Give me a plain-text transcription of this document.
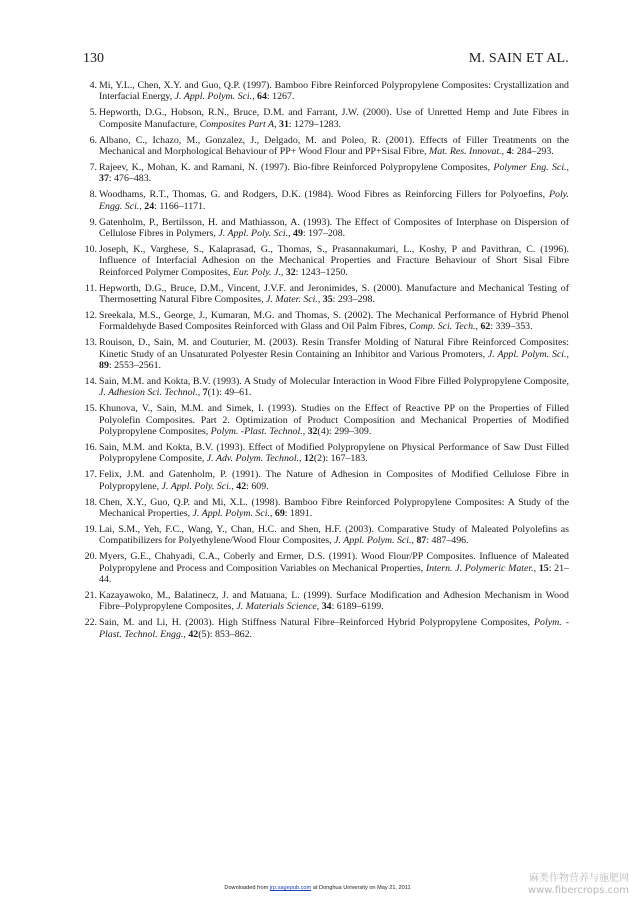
130	M. SAIN ET AL.
4. Mi, Y.L., Chen, X.Y. and Guo, Q.P. (1997). Bamboo Fibre Reinforced Polypropylene Composites: Crystallization and Interfacial Energy, J. Appl. Polym. Sci., 64: 1267.
5. Hepworth, D.G., Hobson, R.N., Bruce, D.M. and Farrant, J.W. (2000). Use of Unretted Hemp and Jute Fibres in Composite Manufacture, Composites Part A, 31: 1279–1283.
6. Albano, C., Ichazo, M., Gonzalez, J., Delgado, M. and Poleo, R. (2001). Effects of Filler Treatments on the Mechanical and Morphological Behaviour of PP+ Wood Flour and PP+Sisal Fibre, Mat. Res. Innovat., 4: 284–293.
7. Rajeev, K., Mohan, K. and Ramani, N. (1997). Bio-fibre Reinforced Polypropylene Composites, Polymer Eng. Sci., 37: 476–483.
8. Woodhams, R.T., Thomas, G. and Rodgers, D.K. (1984). Wood Fibres as Reinforcing Fillers for Polyoefins, Poly. Engg. Sci., 24: 1166–1171.
9. Gatenholm, P., Bertilsson, H. and Mathiasson, A. (1993). The Effect of Composites of Interphase on Dispersion of Cellulose Fibres in Polymers, J. Appl. Poly. Sci., 49: 197–208.
10. Joseph, K., Varghese, S., Kalaprasad, G., Thomas, S., Prasannakumari, L., Koshy, P and Pavithran, C. (1996). Influence of Interfacial Adhesion on the Mechanical Properties and Fracture Behaviour of Short Sisal Fibre Reinforced Polymer Composites, Eur. Poly. J., 32: 1243–1250.
11. Hepworth, D.G., Bruce, D.M., Vincent, J.V.F. and Jeronimides, S. (2000). Manufacture and Mechanical Testing of Thermosetting Natural Fibre Composites, J. Mater. Sci., 35: 293–298.
12. Sreekala, M.S., George, J., Kumaran, M.G. and Thomas, S. (2002). The Mechanical Performance of Hybrid Phenol Formaldehyde Based Composites Reinforced with Glass and Oil Palm Fibres, Comp. Sci. Tech., 62: 339–353.
13. Rouison, D., Sain, M. and Couturier, M. (2003). Resin Transfer Molding of Natural Fibre Reinforced Composites: Kinetic Study of an Unsaturated Polyester Resin Containing an Inhibitor and Various Promoters, J. Appl. Polym. Sci., 89: 2553–2561.
14. Sain, M.M. and Kokta, B.V. (1993). A Study of Molecular Interaction in Wood Fibre Filled Polypropylene Composite, J. Adhesion Sci. Technol., 7(1): 49–61.
15. Khunova, V., Sain, M.M. and Simek, I. (1993). Studies on the Effect of Reactive PP on the Properties of Filled Polyolefin Composites. Part 2. Optimization of Product Composition and Mechanical Properties of Modified Polypropylene Composites, Polym. -Plast. Technol., 32(4): 299–309.
16. Sain, M.M. and Kokta, B.V. (1993). Effect of Modified Polypropylene on Physical Performance of Saw Dust Filled Polypropylene Composite, J. Adv. Polym. Technol., 12(2): 167–183.
17. Felix, J.M. and Gatenholm, P. (1991). The Nature of Adhesion in Composites of Modified Cellulose Fibre in Polypropylene, J. Appl. Poly. Sci., 42: 609.
18. Chen, X.Y., Guo, Q.P. and Mi, X.L. (1998). Bamboo Fibre Reinforced Polypropylene Composites: A Study of the Mechanical Properties, J. Appl. Polym. Sci., 69: 1891.
19. Lai, S.M., Yeh, F.C., Wang, Y., Chan, H.C. and Shen, H.F. (2003). Comparative Study of Maleated Polyolefins as Compatibilizers for Polyethylene/Wood Flour Composites, J. Appl. Polym. Sci., 87: 487–496.
20. Myers, G.E., Chahyadi, C.A., Coberly and Ermer, D.S. (1991). Wood Flour/PP Composites. Influence of Maleated Polypropylene and Process and Composition Variables on Mechanical Properties, Intern. J. Polymeric Mater., 15: 21–44.
21. Kazayawoko, M., Balatinecz, J. and Matuana, L. (1999). Surface Modification and Adhesion Mechanism in Wood Fibre–Polypropylene Composites, J. Materials Science, 34: 6189–6199.
22. Sain, M. and Li, H. (2003). High Stiffness Natural Fibre–Reinforced Hybrid Polypropylene Composites, Polym. -Plast. Technol. Engg., 42(5): 853–862.
Downloaded from jrp.sagepub.com at Donghua University on May 21, 2011
麻类作物营养与施肥网
www.fibercrops.com
